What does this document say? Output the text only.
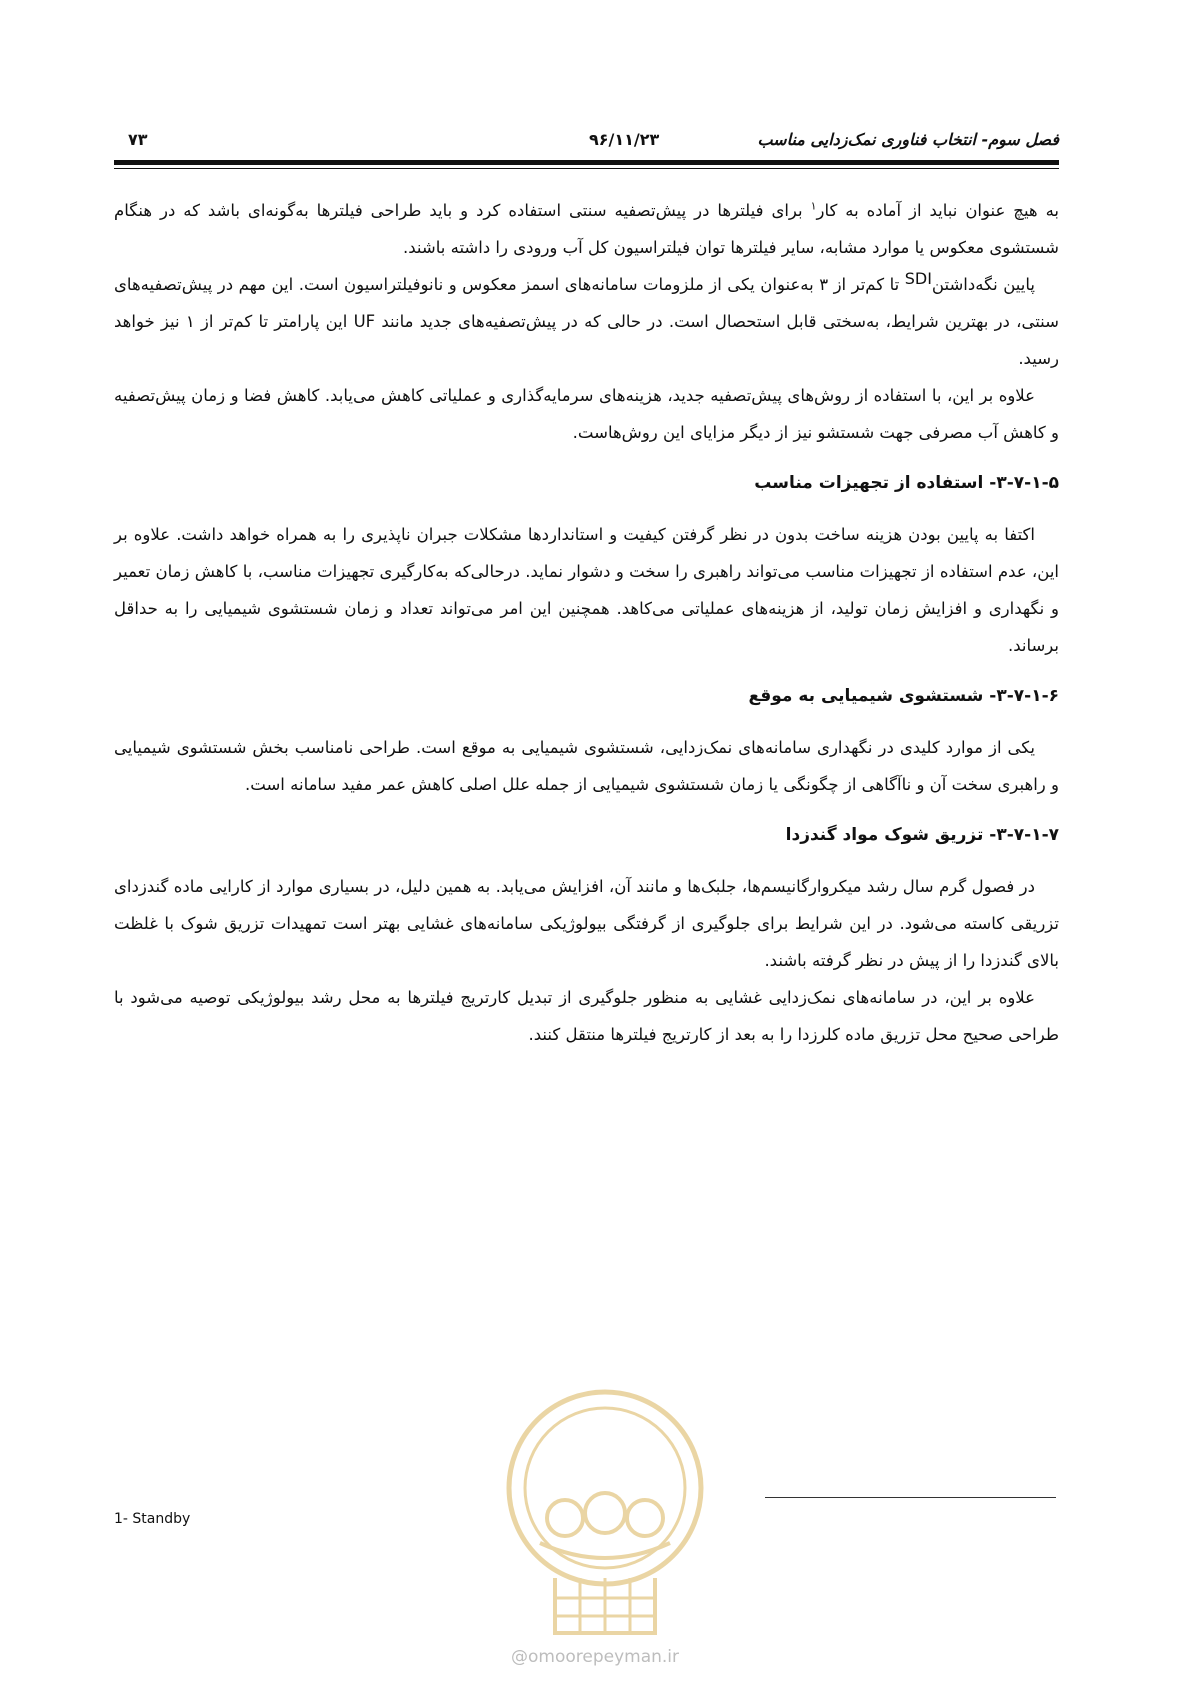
فصل سوم- انتخاب فناوری نمک‌زدایی مناسب
۹۶/۱۱/۲۳
۷۳

به هیچ عنوان نباید از آماده به کار$^۱$ برای فیلترها در پیش‌تصفیه سنتی استفاده کرد و باید طراحی فیلترها به‌گونه‌ای باشد که در هنگام شستشوی معکوس یا موارد مشابه، سایر فیلترها توان فیلتراسیون کل آب ورودی را داشته باشند.

پایین نگه‌داشتنSDI تا کم‌تر از ۳ به‌عنوان یکی از ملزومات سامانه‌های اسمز معکوس و نانوفیلتراسیون است. این مهم در پیش‌تصفیه‌های سنتی، در بهترین شرایط، به‌سختی قابل استحصال است. در حالی که در پیش‌تصفیه‌های جدید مانند UF این پارامتر تا کم‌تر از ۱ نیز خواهد رسید.

علاوه بر این، با استفاده از روش‌های پیش‌تصفیه جدید، هزینه‌های سرمایه‌گذاری و عملیاتی کاهش می‌یابد. کاهش فضا و زمان پیش‌تصفیه و کاهش آب مصرفی جهت شستشو نیز از دیگر مزایای این روش‌هاست.

۳-۷-۱-۵- استفاده از تجهیزات مناسب

اکتفا به پایین بودن هزینه ساخت بدون در نظر گرفتن کیفیت و استانداردها مشکلات جبران ناپذیری را به همراه خواهد داشت. علاوه بر این، عدم استفاده از تجهیزات مناسب می‌تواند راهبری را سخت و دشوار نماید. درحالی‌که به‌کارگیری تجهیزات مناسب، با کاهش زمان تعمیر و نگهداری و افزایش زمان تولید، از هزینه‌های عملیاتی می‌کاهد. همچنین این امر می‌تواند تعداد و زمان شستشوی شیمیایی را به حداقل برساند.

۳-۷-۱-۶- شستشوی شیمیایی به موقع

یکی از موارد کلیدی در نگهداری سامانه‌های نمک‌زدایی، شستشوی شیمیایی به موقع است. طراحی نامناسب بخش شستشوی شیمیایی و راهبری سخت آن و ناآگاهی از چگونگی یا زمان شستشوی شیمیایی از جمله علل اصلی کاهش عمر مفید سامانه است.

۳-۷-۱-۷- تزریق شوک مواد گندزدا

در فصول گرم سال رشد میکروارگانیسم‌ها، جلبک‌ها و مانند آن، افزایش می‌یابد. به همین دلیل، در بسیاری موارد از کارایی ماده گندزدای تزریقی کاسته می‌شود. در این شرایط برای جلوگیری از گرفتگی بیولوژیکی سامانه‌های غشایی بهتر است تمهیدات تزریق شوک با غلظت بالای گندزدا را از پیش در نظر گرفته باشند.

علاوه بر این، در سامانه‌های نمک‌زدایی غشایی به منظور جلوگیری از تبدیل کارتریج فیلترها به محل رشد بیولوژیکی توصیه می‌شود با طراحی صحیح محل تزریق ماده کلرزدا را به بعد از کارتریج فیلترها منتقل کنند.

1- Standby
@omoorepeyman.ir
